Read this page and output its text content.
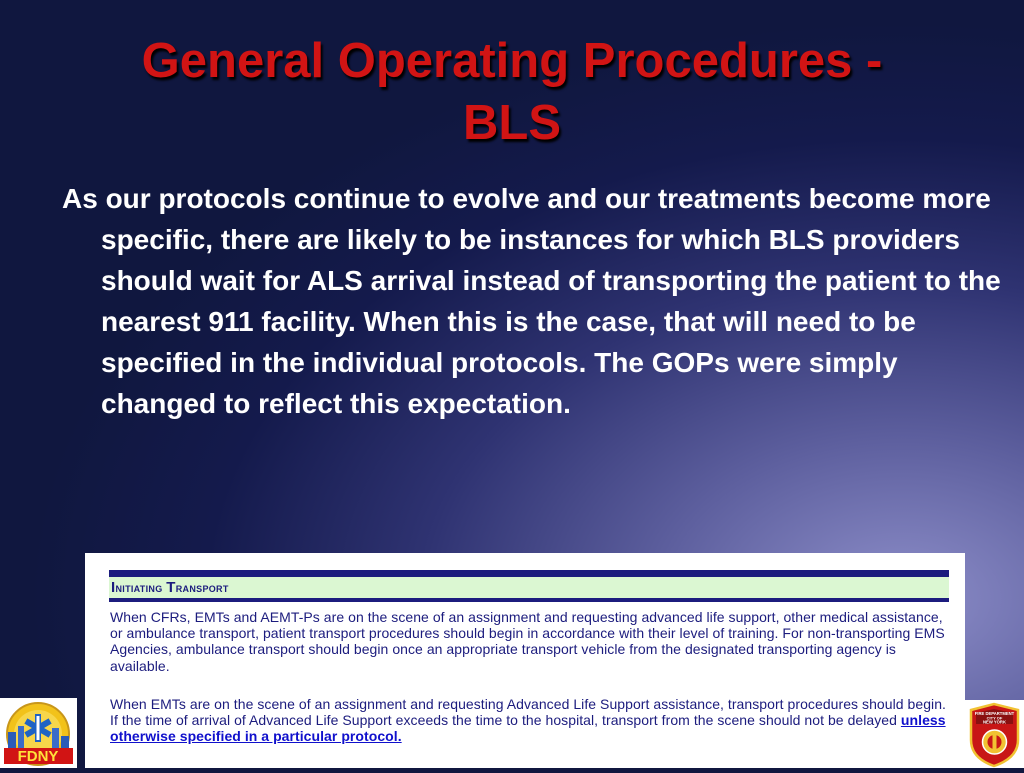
General Operating Procedures -
BLS
As our protocols continue to evolve and our treatments become more specific, there are likely to be instances for which BLS providers should wait for ALS arrival instead of transporting the patient to the nearest 911 facility. When this is the case, that will need to be specified in the individual protocols. The GOPs were simply changed to reflect this expectation.
Initiating Transport

When CFRs, EMTs and AEMT-Ps are on the scene of an assignment and requesting advanced life support, other medical assistance, or ambulance transport, patient transport procedures should begin in accordance with their level of training. For non-transporting EMS Agencies, ambulance transport should begin once an appropriate transport vehicle from the designated transporting agency is available.

When EMTs are on the scene of an assignment and requesting Advanced Life Support assistance, transport procedures should begin. If the time of arrival of Advanced Life Support exceeds the time to the hospital, transport from the scene should not be delayed unless otherwise specified in a particular protocol.

FDNY
FIRE DEPARTMENT
CITY OF
NEW YORK
